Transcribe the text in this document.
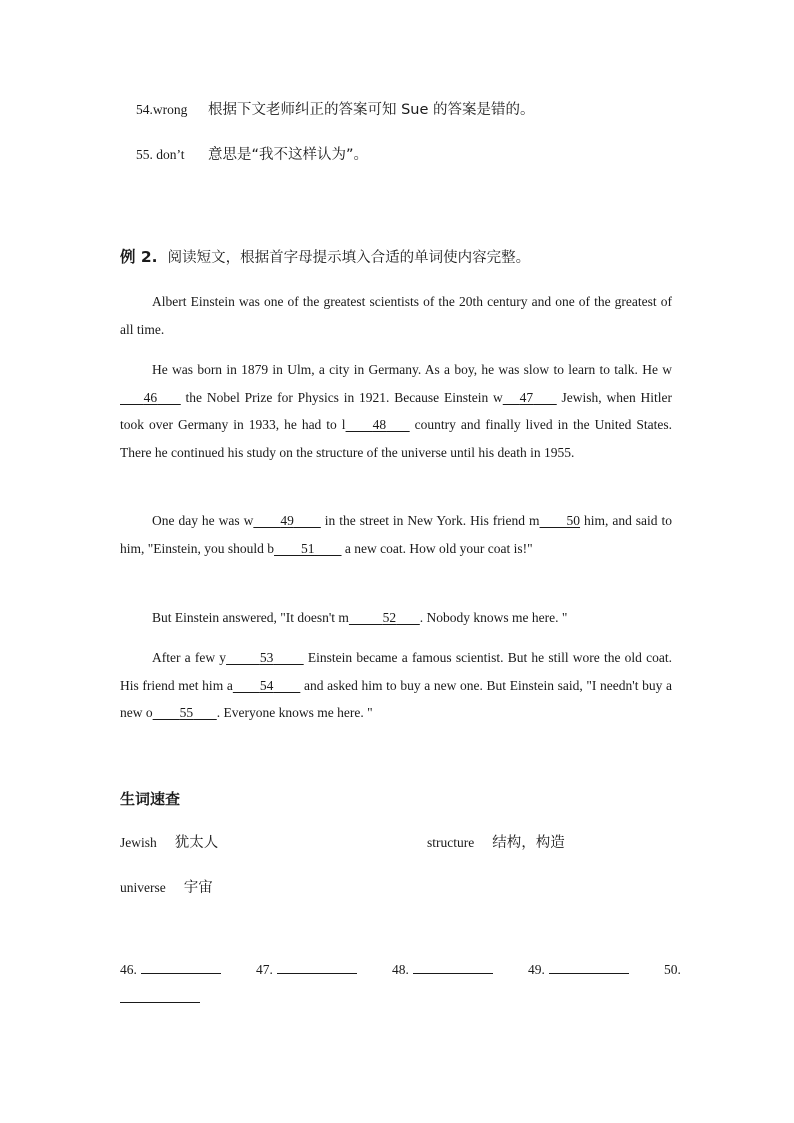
54.wrong 根据下文老师纠正的答案可知 Sue 的答案是错的。
55. don’t 意思是“我不这样认为”。
例 2. 阅读短文，根据首字母提示填入合适的单词使内容完整。
Albert Einstein was one of the greatest scientists of the 20th century and one of the greatest of all time.
He was born in 1879 in Ulm, a city in Germany. As a boy, he was slow to learn to talk. He w       46        the Nobel Prize for Physics in 1921. Because Einstein w 47        Jewish, when Hitler took over Germany in 1933, he had to l 48        country and finally lived in the United States. There he continued his study on the structure of the universe until his death in 1955.
One day he was w 49         in the street in New York. His friend m 50 him, and said to him, "Einstein, you should b 51         a new coat. How old your coat is!"
But Einstein answered, "It doesn't m	52 . Nobody knows me here. "
After a few y	53          Einstein became a famous scientist. But he still wore the old coat. His friend met him a 54         and asked him to buy a new one. But Einstein said, "I needn't buy a new o 55 . Everyone knows me here. "
生词速查
Jewish 犹太人	structure 结构，构造
universe 宇宙
46.	47.	48.	49.	50.
